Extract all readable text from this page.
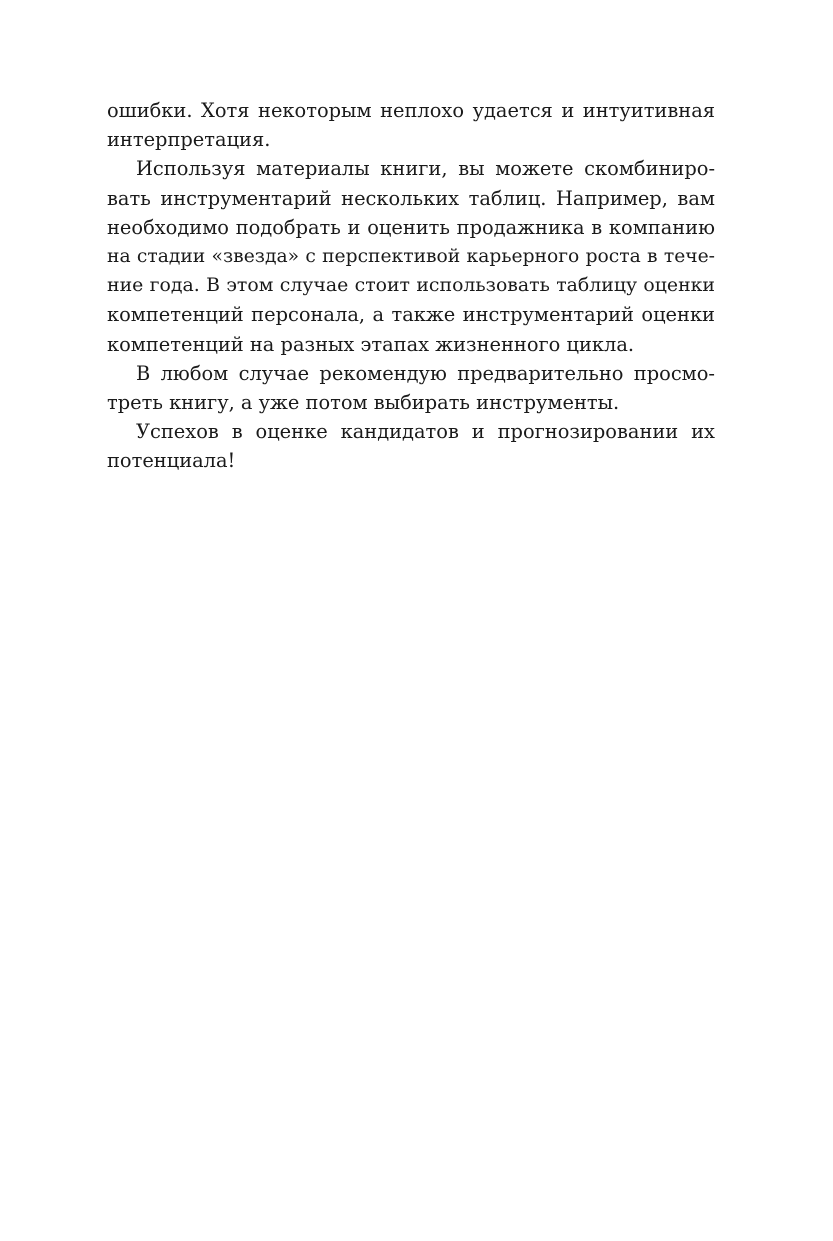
ошибки. Хотя некоторым неплохо удается и интуитивная
интерпретация.
Используя материалы книги, вы можете скомбиниро-
вать инструментарий нескольких таблиц. Например, вам
необходимо подобрать и оценить продажника в компанию
на стадии «звезда» с перспективой карьерного роста в тече-
ние года. В этом случае стоит использовать таблицу оценки
компетенций персонала, а также инструментарий оценки
компетенций на разных этапах жизненного цикла.
В любом случае рекомендую предварительно просмо-
треть книгу, а уже потом выбирать инструменты.
Успехов в оценке кандидатов и прогнозировании их
потенциала!
